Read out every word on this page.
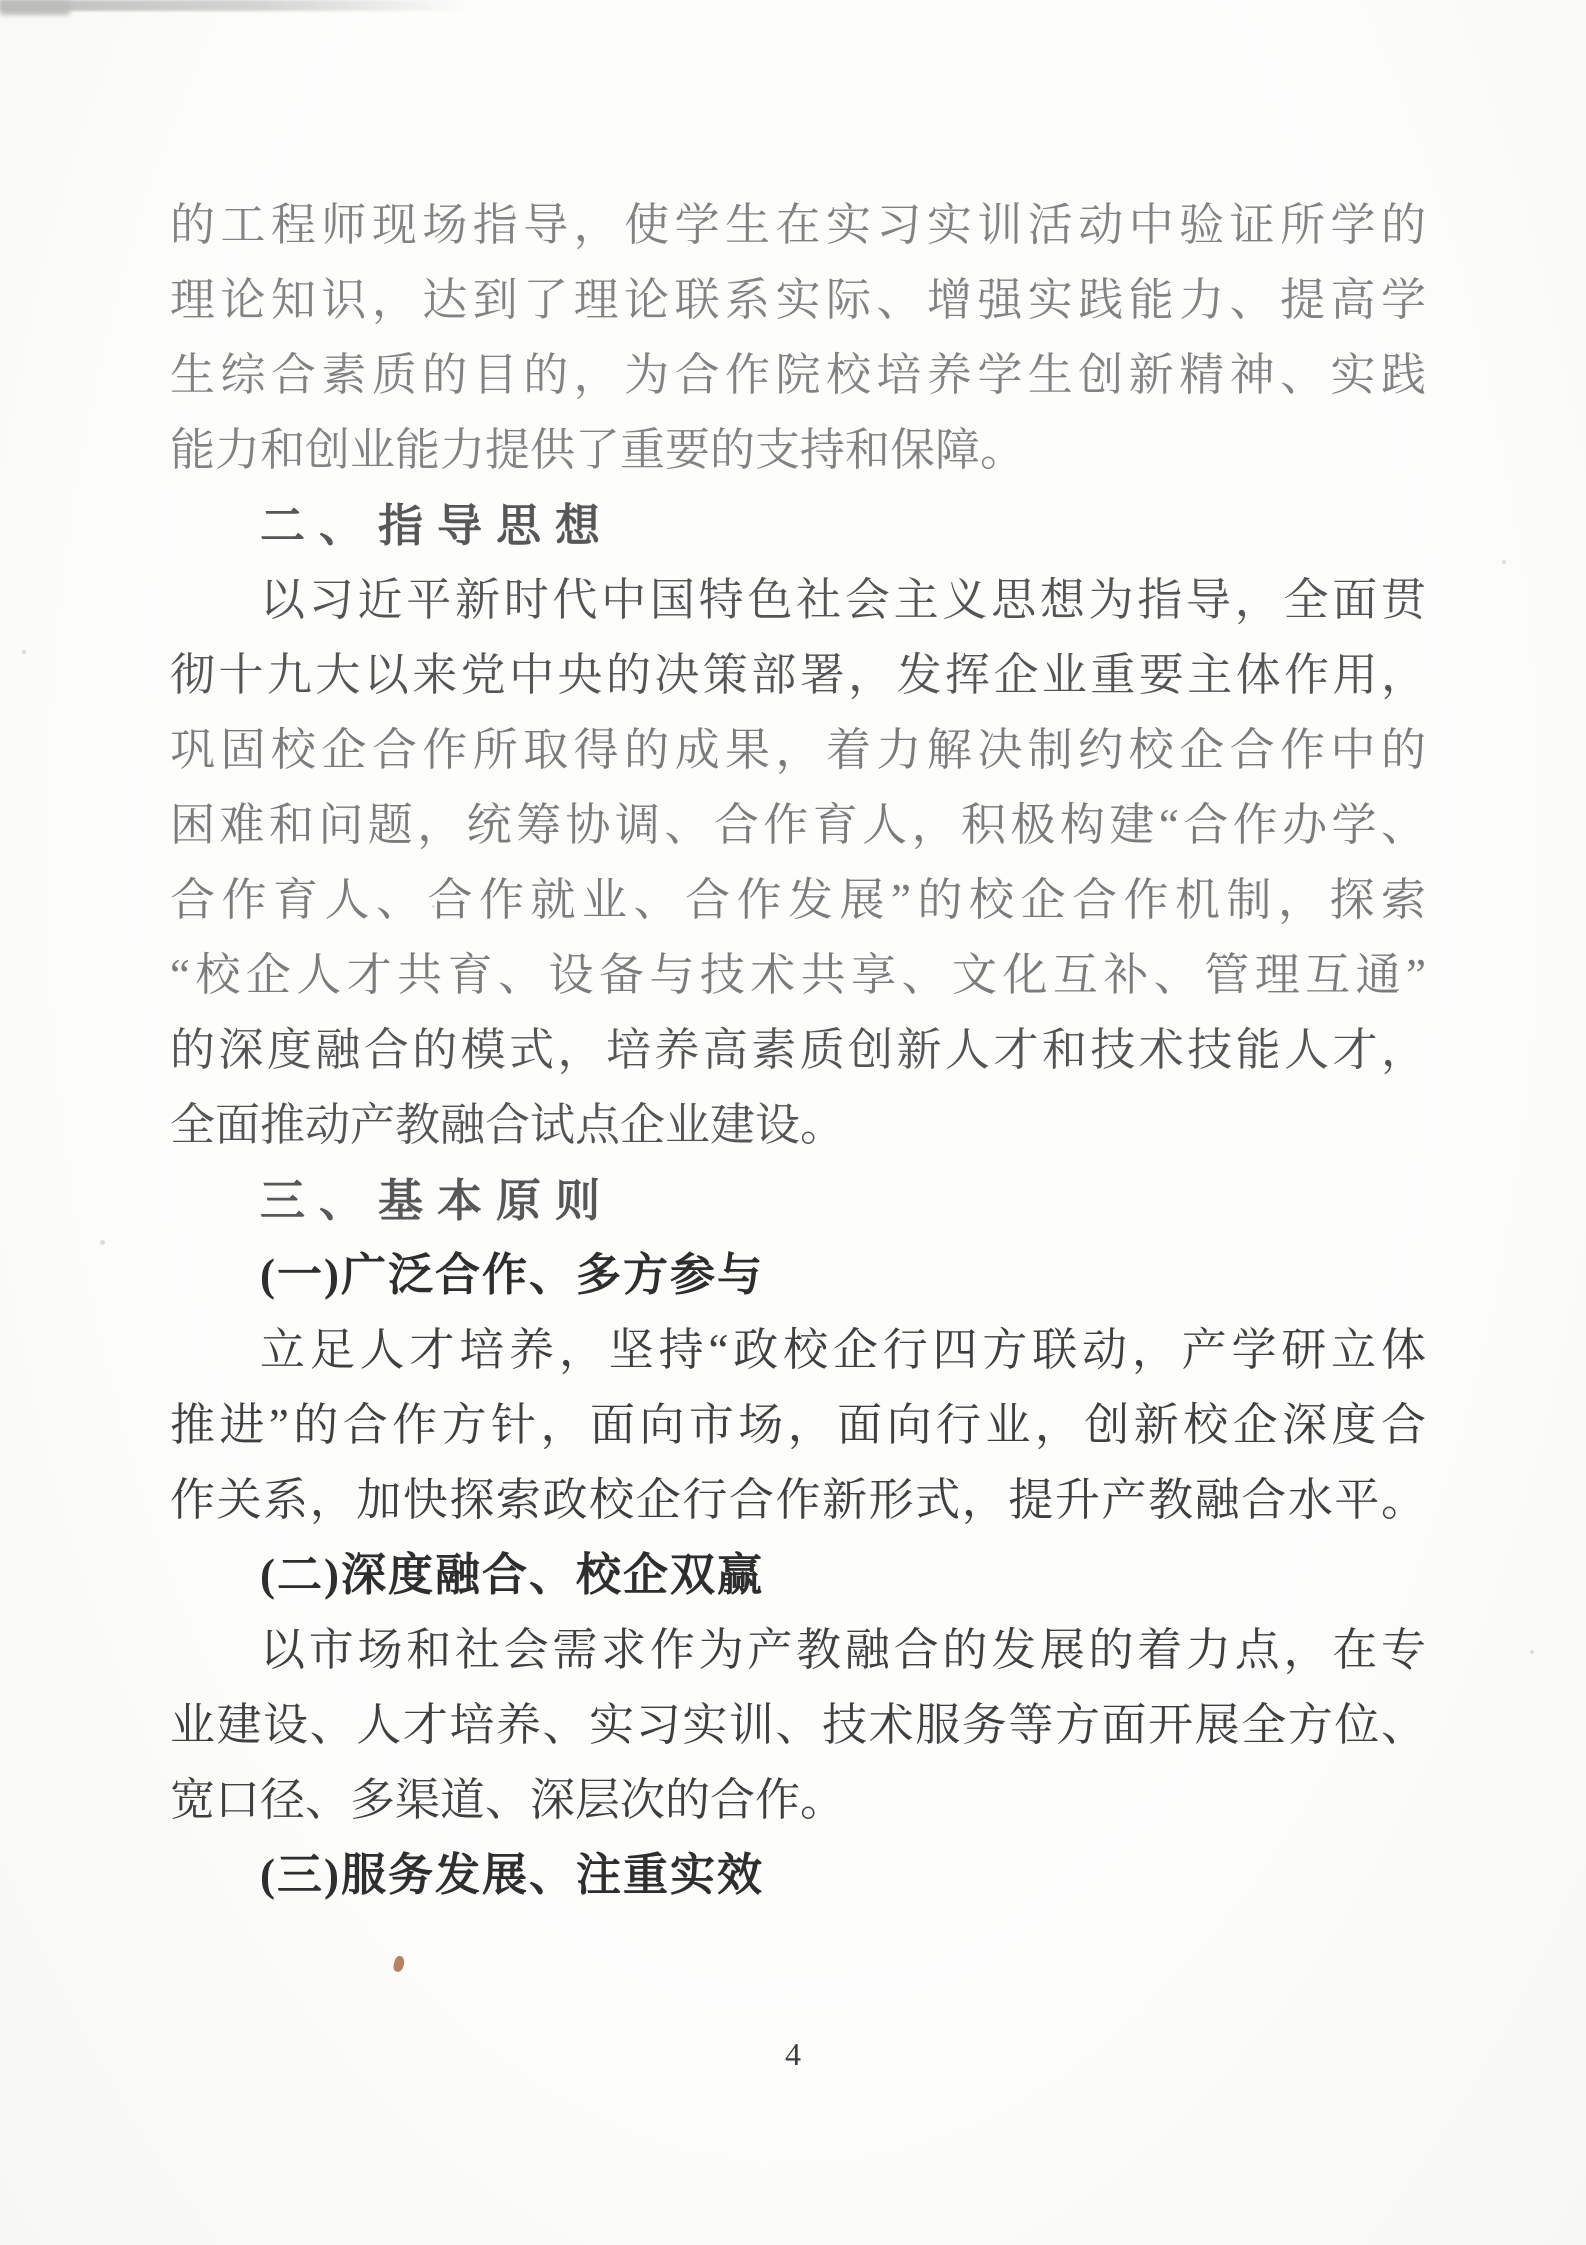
的工程师现场指导，使学生在实习实训活动中验证所学的
理论知识，达到了理论联系实际、增强实践能力、提高学
生综合素质的目的，为合作院校培养学生创新精神、实践
能力和创业能力提供了重要的支持和保障。
二、指导思想
以习近平新时代中国特色社会主义思想为指导，全面贯
彻十九大以来党中央的决策部署，发挥企业重要主体作用，
巩固校企合作所取得的成果，着力解决制约校企合作中的
困难和问题，统筹协调、合作育人，积极构建“合作办学、
合作育人、合作就业、合作发展”的校企合作机制，探索
“校企人才共育、设备与技术共享、文化互补、管理互通”
的深度融合的模式，培养高素质创新人才和技术技能人才，
全面推动产教融合试点企业建设。
三、基本原则
(一)广泛合作、多方参与
立足人才培养，坚持“政校企行四方联动，产学研立体
推进”的合作方针，面向市场，面向行业，创新校企深度合
作关系，加快探索政校企行合作新形式，提升产教融合水平。
(二)深度融合、校企双赢
以市场和社会需求作为产教融合的发展的着力点，在专
业建设、人才培养、实习实训、技术服务等方面开展全方位、
宽口径、多渠道、深层次的合作。
(三)服务发展、注重实效
4
